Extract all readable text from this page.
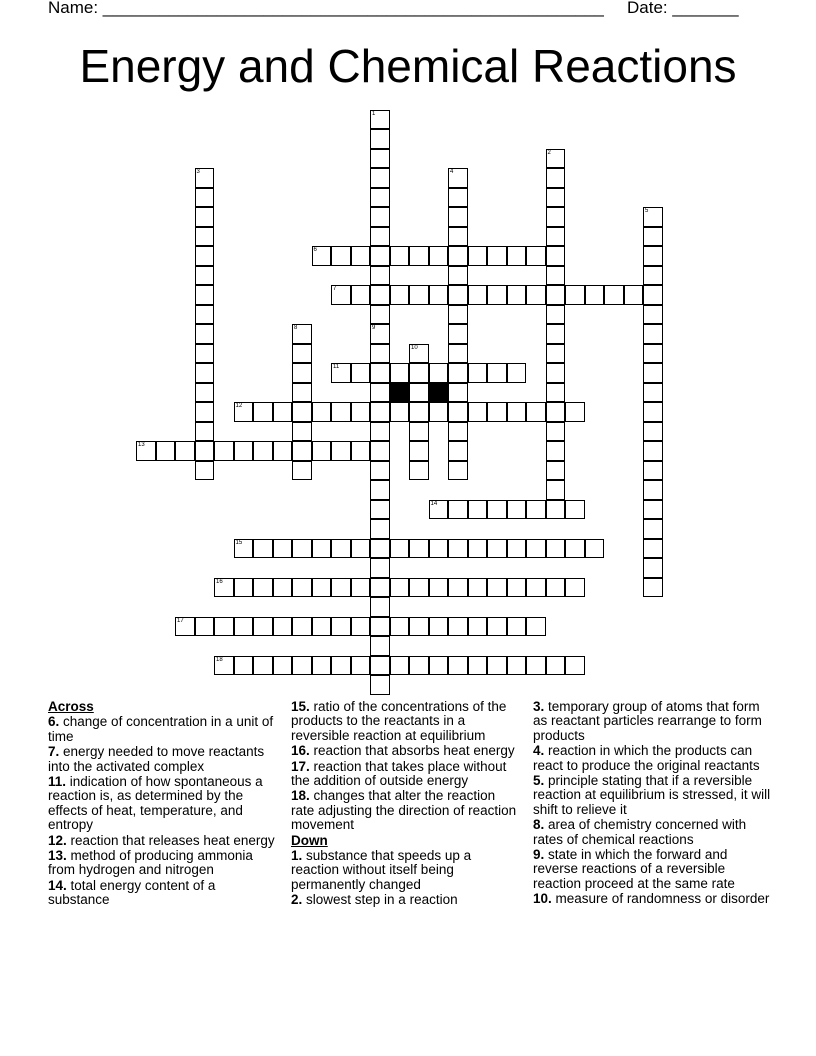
Name: _____________________________________________________ Date: _______
Energy and Chemical Reactions
1
9
2
3	4
5
6
7
8
10
11
12
13
14
15
16
17
18
Across
6. change of concentration in a unit of time
7. energy needed to move reactants into the activated complex
11. indication of how spontaneous a reaction is, as determined by the effects of heat, temperature, and entropy
12. reaction that releases heat energy
13. method of producing ammonia from hydrogen and nitrogen
14. total energy content of a substance
15. ratio of the concentrations of the products to the reactants in a reversible reaction at equilibrium
16. reaction that absorbs heat energy
17. reaction that takes place without the addition of outside energy
18. changes that alter the reaction rate adjusting the direction of reaction movement
Down
1. substance that speeds up a reaction without itself being permanently changed
2. slowest step in a reaction
3. temporary group of atoms that form as reactant particles rearrange to form products
4. reaction in which the products can react to produce the original reactants
5. principle stating that if a reversible reaction at equilibrium is stressed, it will shift to relieve it
8. area of chemistry concerned with rates of chemical reactions
9. state in which the forward and reverse reactions of a reversible reaction proceed at the same rate
10. measure of randomness or disorder
